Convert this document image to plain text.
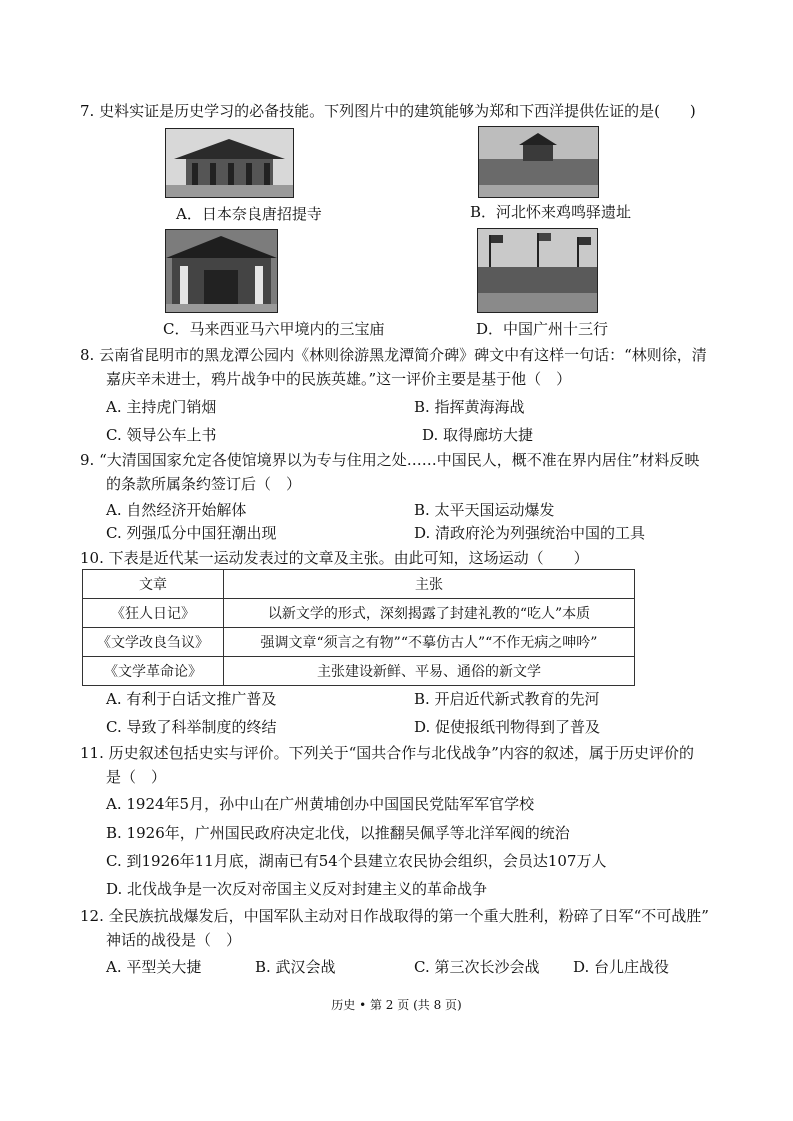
7. 史料实证是历史学习的必备技能。下列图片中的建筑能够为郑和下西洋提供佐证的是(　　)
A．日本奈良唐招提寺	B．河北怀来鸡鸣驿遗址
C．马来西亚马六甲境内的三宝庙	D．中国广州十三行
8. 云南省昆明市的黑龙潭公园内《林则徐游黑龙潭简介碑》碑文中有这样一句话：“林则徐，清
嘉庆辛未进士，鸦片战争中的民族英雄。”这一评价主要是基于他（　）
A. 主持虎门销烟	B. 指挥黄海海战
C. 领导公车上书	D. 取得廊坊大捷
9. “大清国国家允定各使馆境界以为专与住用之处……中国民人，概不准在界内居住”材料反映
的条款所属条约签订后（　）
A. 自然经济开始解体	B. 太平天国运动爆发
C. 列强瓜分中国狂潮出现	D. 清政府沦为列强统治中国的工具
10. 下表是近代某一运动发表过的文章及主张。由此可知，这场运动（　　）
文章	主张
《狂人日记》	以新文学的形式，深刻揭露了封建礼教的“吃人”本质
《文学改良刍议》	强调文章“须言之有物”“不摹仿古人”“不作无病之呻吟”
《文学革命论》	主张建设新鲜、平易、通俗的新文学
A. 有利于白话文推广普及	B. 开启近代新式教育的先河
C. 导致了科举制度的终结	D. 促使报纸刊物得到了普及
11. 历史叙述包括史实与评价。下列关于“国共合作与北伐战争”内容的叙述，属于历史评价的
是（　）
A. 1924年5月，孙中山在广州黄埔创办中国国民党陆军军官学校
B. 1926年，广州国民政府决定北伐，以推翻吴佩孚等北洋军阀的统治
C. 到1926年11月底，湖南已有54个县建立农民协会组织，会员达107万人
D. 北伐战争是一次反对帝国主义反对封建主义的革命战争
12. 全民族抗战爆发后，中国军队主动对日作战取得的第一个重大胜利，粉碎了日军“不可战胜”
神话的战役是（　）
A. 平型关大捷	B. 武汉会战	C. 第三次长沙会战 D. 台儿庄战役
历史 • 第 2 页 (共 8 页)
